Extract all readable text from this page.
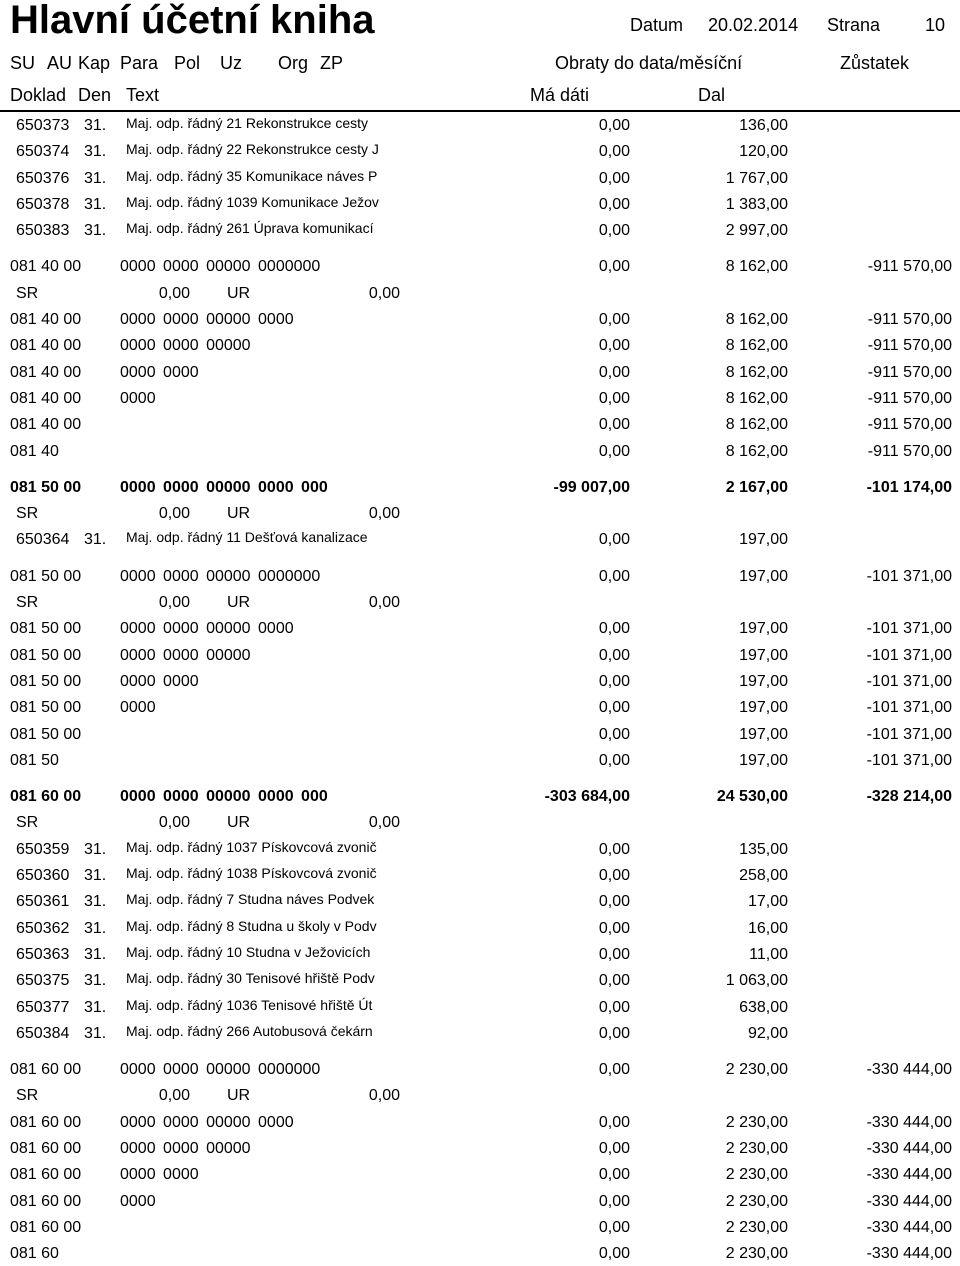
Hlavní účetní kniha	Datum 20.02.2014 Strana 10
SU AU Kap Para Pol Uz Org ZP	Obraty do data/měsíční	Zůstatek
Doklad Den Text	Má dáti	Dal
650373 31. Maj. odp. řádný 21 Rekonstrukce cesty	0,00	136,00
650374 31. Maj. odp. řádný 22 Rekonstrukce cesty J	0,00	120,00
650376 31. Maj. odp. řádný 35 Komunikace náves P	0,00	1 767,00
650378 31. Maj. odp. řádný 1039 Komunikace Ježov	0,00	1 383,00
650383 31. Maj. odp. řádný 261 Úprava komunikací	0,00	2 997,00
081 40 00 0000 0000 00000 0000000	0,00	8 162,00	-911 570,00
SR	0,00 UR	0,00
081 40 00 0000 0000 00000 0000	0,00	8 162,00	-911 570,00
081 40 00 0000 0000 00000	0,00	8 162,00	-911 570,00
081 40 00 0000 0000	0,00	8 162,00	-911 570,00
081 40 00 0000	0,00	8 162,00	-911 570,00
081 40 00	0,00	8 162,00	-911 570,00
081 40	0,00	8 162,00	-911 570,00
081 50 00 0000 0000 00000 0000 000	-99 007,00	2 167,00	-101 174,00
SR	0,00 UR	0,00
650364 31. Maj. odp. řádný 11 Dešťová kanalizace	0,00	197,00
081 50 00 0000 0000 00000 0000000	0,00	197,00	-101 371,00
SR	0,00 UR	0,00
081 50 00 0000 0000 00000 0000	0,00	197,00	-101 371,00
081 50 00 0000 0000 00000	0,00	197,00	-101 371,00
081 50 00 0000 0000	0,00	197,00	-101 371,00
081 50 00 0000	0,00	197,00	-101 371,00
081 50 00	0,00	197,00	-101 371,00
081 50	0,00	197,00	-101 371,00
081 60 00 0000 0000 00000 0000 000	-303 684,00	24 530,00	-328 214,00
SR	0,00 UR	0,00
650359 31. Maj. odp. řádný 1037 Pískovcová zvonič	0,00	135,00
650360 31. Maj. odp. řádný 1038 Pískovcová zvonič	0,00	258,00
650361 31. Maj. odp. řádný 7 Studna náves Podvek	0,00	17,00
650362 31. Maj. odp. řádný 8 Studna u školy v Podv	0,00	16,00
650363 31. Maj. odp. řádný 10 Studna v Ježovicích	0,00	11,00
650375 31. Maj. odp. řádný 30 Tenisové hřiště Podv	0,00	1 063,00
650377 31. Maj. odp. řádný 1036 Tenisové hřiště Út	0,00	638,00
650384 31. Maj. odp. řádný 266 Autobusová čekárn	0,00	92,00
081 60 00 0000 0000 00000 0000000	0,00	2 230,00	-330 444,00
SR	0,00 UR	0,00
081 60 00 0000 0000 00000 0000	0,00	2 230,00	-330 444,00
081 60 00 0000 0000 00000	0,00	2 230,00	-330 444,00
081 60 00 0000 0000	0,00	2 230,00	-330 444,00
081 60 00 0000	0,00	2 230,00	-330 444,00
081 60 00	0,00	2 230,00	-330 444,00
081 60	0,00	2 230,00	-330 444,00
